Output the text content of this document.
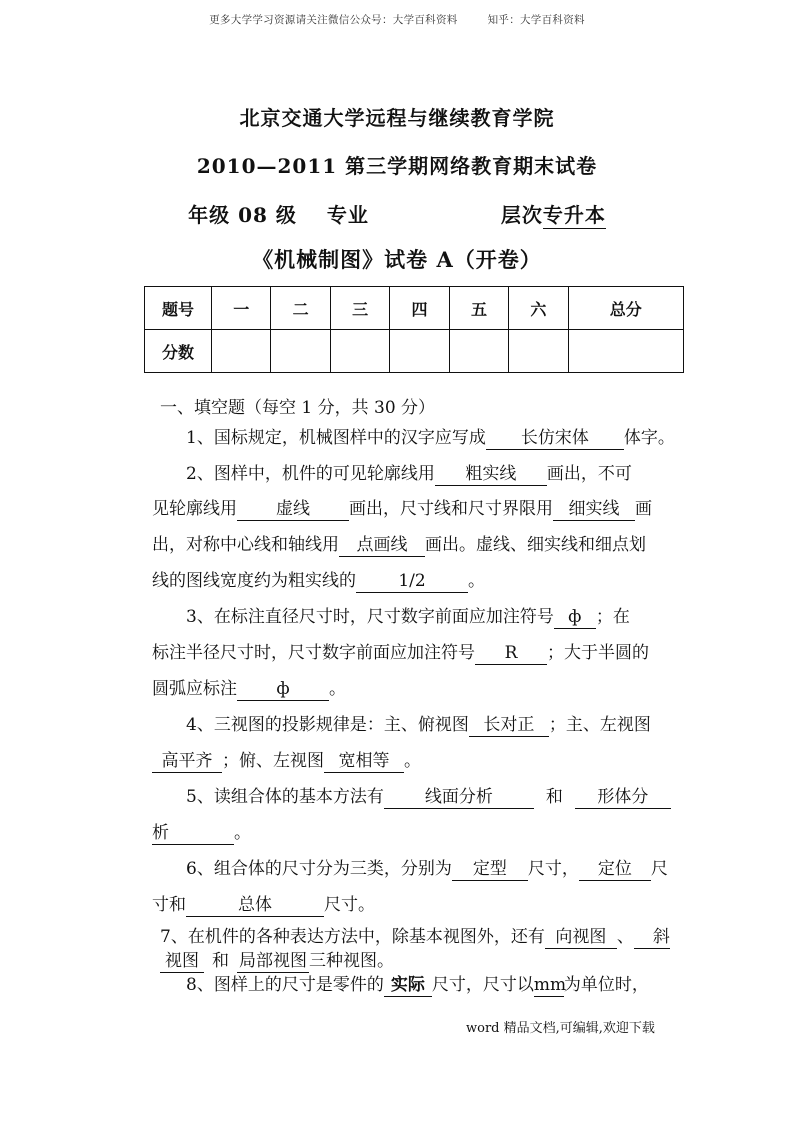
更多大学学习资源请关注微信公众号：大学百科资料	知乎：大学百科资料
北京交通大学远程与继续教育学院
2010—2011 第三学期网络教育期末试卷
年级 08 级 专业	层次专升本
《机械制图》试卷 A（开卷）
题号	一	二	三	四	五	六	总分
分数							
一、填空题（每空 1 分，共 30 分）
1、国标规定，机械图样中的汉字应写成 长仿宋体 体字。
2、图样中，机件的可见轮廓线用 粗实线 画出，不可
见轮廓线用 虚线 画出，尺寸线和尺寸界限用 细实线 画
出，对称中心线和轴线用 点画线 画出。虚线、细实线和细点划
线的图线宽度约为粗实线的 1/2 。
3、在标注直径尺寸时，尺寸数字前面应加注符号 ф ；在
标注半径尺寸时，尺寸数字前面应加注符号 R ；大于半圆的
圆弧应标注 ф 。
4、三视图的投影规律是：主、俯视图 长对正 ；主、左视图
高平齐 ；俯、左视图 宽相等 。
5、读组合体的基本方法有 线面分析	和 形体分
析	。
6、组合体的尺寸分为三类，分别为 定型 尺寸， 定位 尺
寸和	总体	尺寸。
7、在机件的各种表达方法中，除基本视图外，还有 向视图 、 斜
视图 和 局部视图 三种视图。
8、图样上的尺寸是零件的 实际 尺寸，尺寸以mm为单位时，
word 精品文档,可编辑,欢迎下载
